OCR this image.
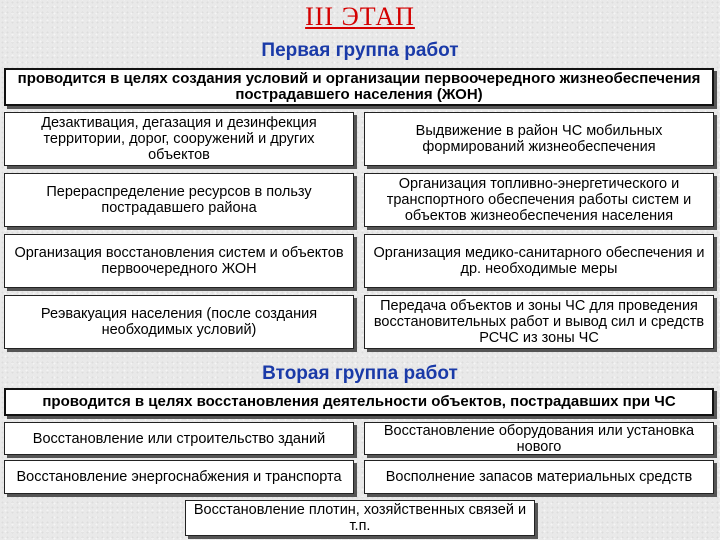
III ЭТАП
Первая группа работ
проводится в целях создания условий и организации первоочередного жизнеобеспечения пострадавшего населения (ЖОН)
Дезактивация, дегазация и дезинфекция территории, дорог, сооружений и других объектов
Перераспределение ресурсов в пользу пострадавшего района
Организация восстановления систем и объектов первоочередного ЖОН
Реэвакуация населения (после создания необходимых условий)
Выдвижение в район ЧС мобильных формирований жизнеобеспечения
Организация топливно-энергетического и транспортного обеспечения работы систем и объектов жизнеобеспечения населения
Организация медико-санитарного обеспечения и др. необходимые меры
Передача объектов и зоны ЧС для проведения восстановительных работ и вывод сил и средств РСЧС из зоны ЧС
Вторая группа работ
проводится в целях восстановления деятельности объектов, пострадавших при ЧС
Восстановление или строительство зданий
Восстановление энергоснабжения и транспорта
Восстановление оборудования или установка нового
Восполнение запасов материальных средств
Восстановление плотин, хозяйственных связей и т.п.
